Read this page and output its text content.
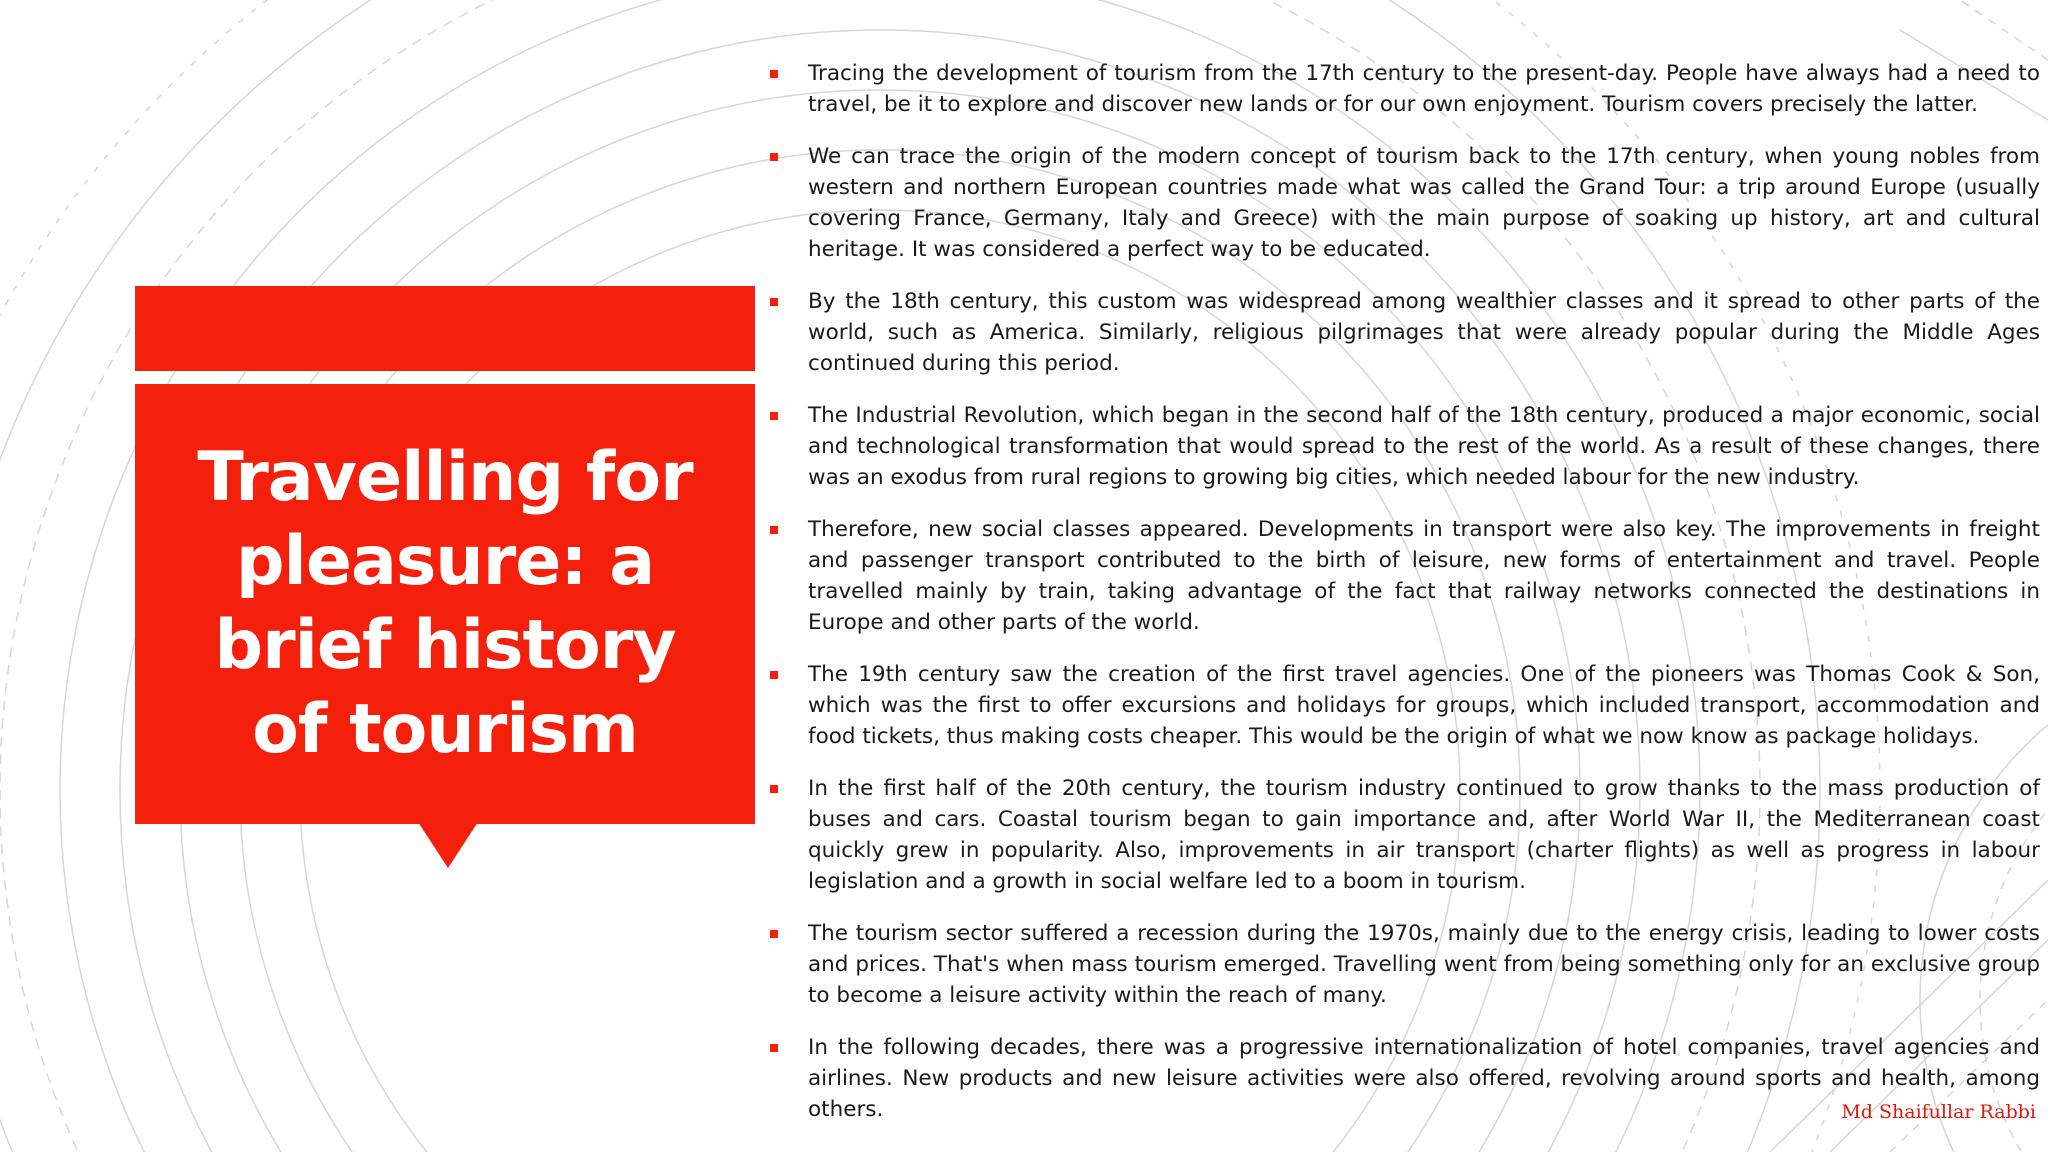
Travelling for pleasure: a brief history of tourism
Tracing the development of tourism from the 17th century to the present-day. People have always had a need to travel, be it to explore and discover new lands or for our own enjoyment. Tourism covers precisely the latter.
We can trace the origin of the modern concept of tourism back to the 17th century, when young nobles from western and northern European countries made what was called the Grand Tour: a trip around Europe (usually covering France, Germany, Italy and Greece) with the main purpose of soaking up history, art and cultural heritage. It was considered a perfect way to be educated.
By the 18th century, this custom was widespread among wealthier classes and it spread to other parts of the world, such as America. Similarly, religious pilgrimages that were already popular during the Middle Ages continued during this period.
The Industrial Revolution, which began in the second half of the 18th century, produced a major economic, social and technological transformation that would spread to the rest of the world. As a result of these changes, there was an exodus from rural regions to growing big cities, which needed labour for the new industry.
Therefore, new social classes appeared. Developments in transport were also key. The improvements in freight and passenger transport contributed to the birth of leisure, new forms of entertainment and travel. People travelled mainly by train, taking advantage of the fact that railway networks connected the destinations in Europe and other parts of the world.
The 19th century saw the creation of the first travel agencies. One of the pioneers was Thomas Cook & Son, which was the first to offer excursions and holidays for groups, which included transport, accommodation and food tickets, thus making costs cheaper. This would be the origin of what we now know as package holidays.
In the first half of the 20th century, the tourism industry continued to grow thanks to the mass production of buses and cars. Coastal tourism began to gain importance and, after World War II, the Mediterranean coast quickly grew in popularity. Also, improvements in air transport (charter flights) as well as progress in labour legislation and a growth in social welfare led to a boom in tourism.
The tourism sector suffered a recession during the 1970s, mainly due to the energy crisis, leading to lower costs and prices. That's when mass tourism emerged. Travelling went from being something only for an exclusive group to become a leisure activity within the reach of many.
In the following decades, there was a progressive internationalization of hotel companies, travel agencies and airlines. New products and new leisure activities were also offered, revolving around sports and health, among others.	Md Shaifullar Rabbi
